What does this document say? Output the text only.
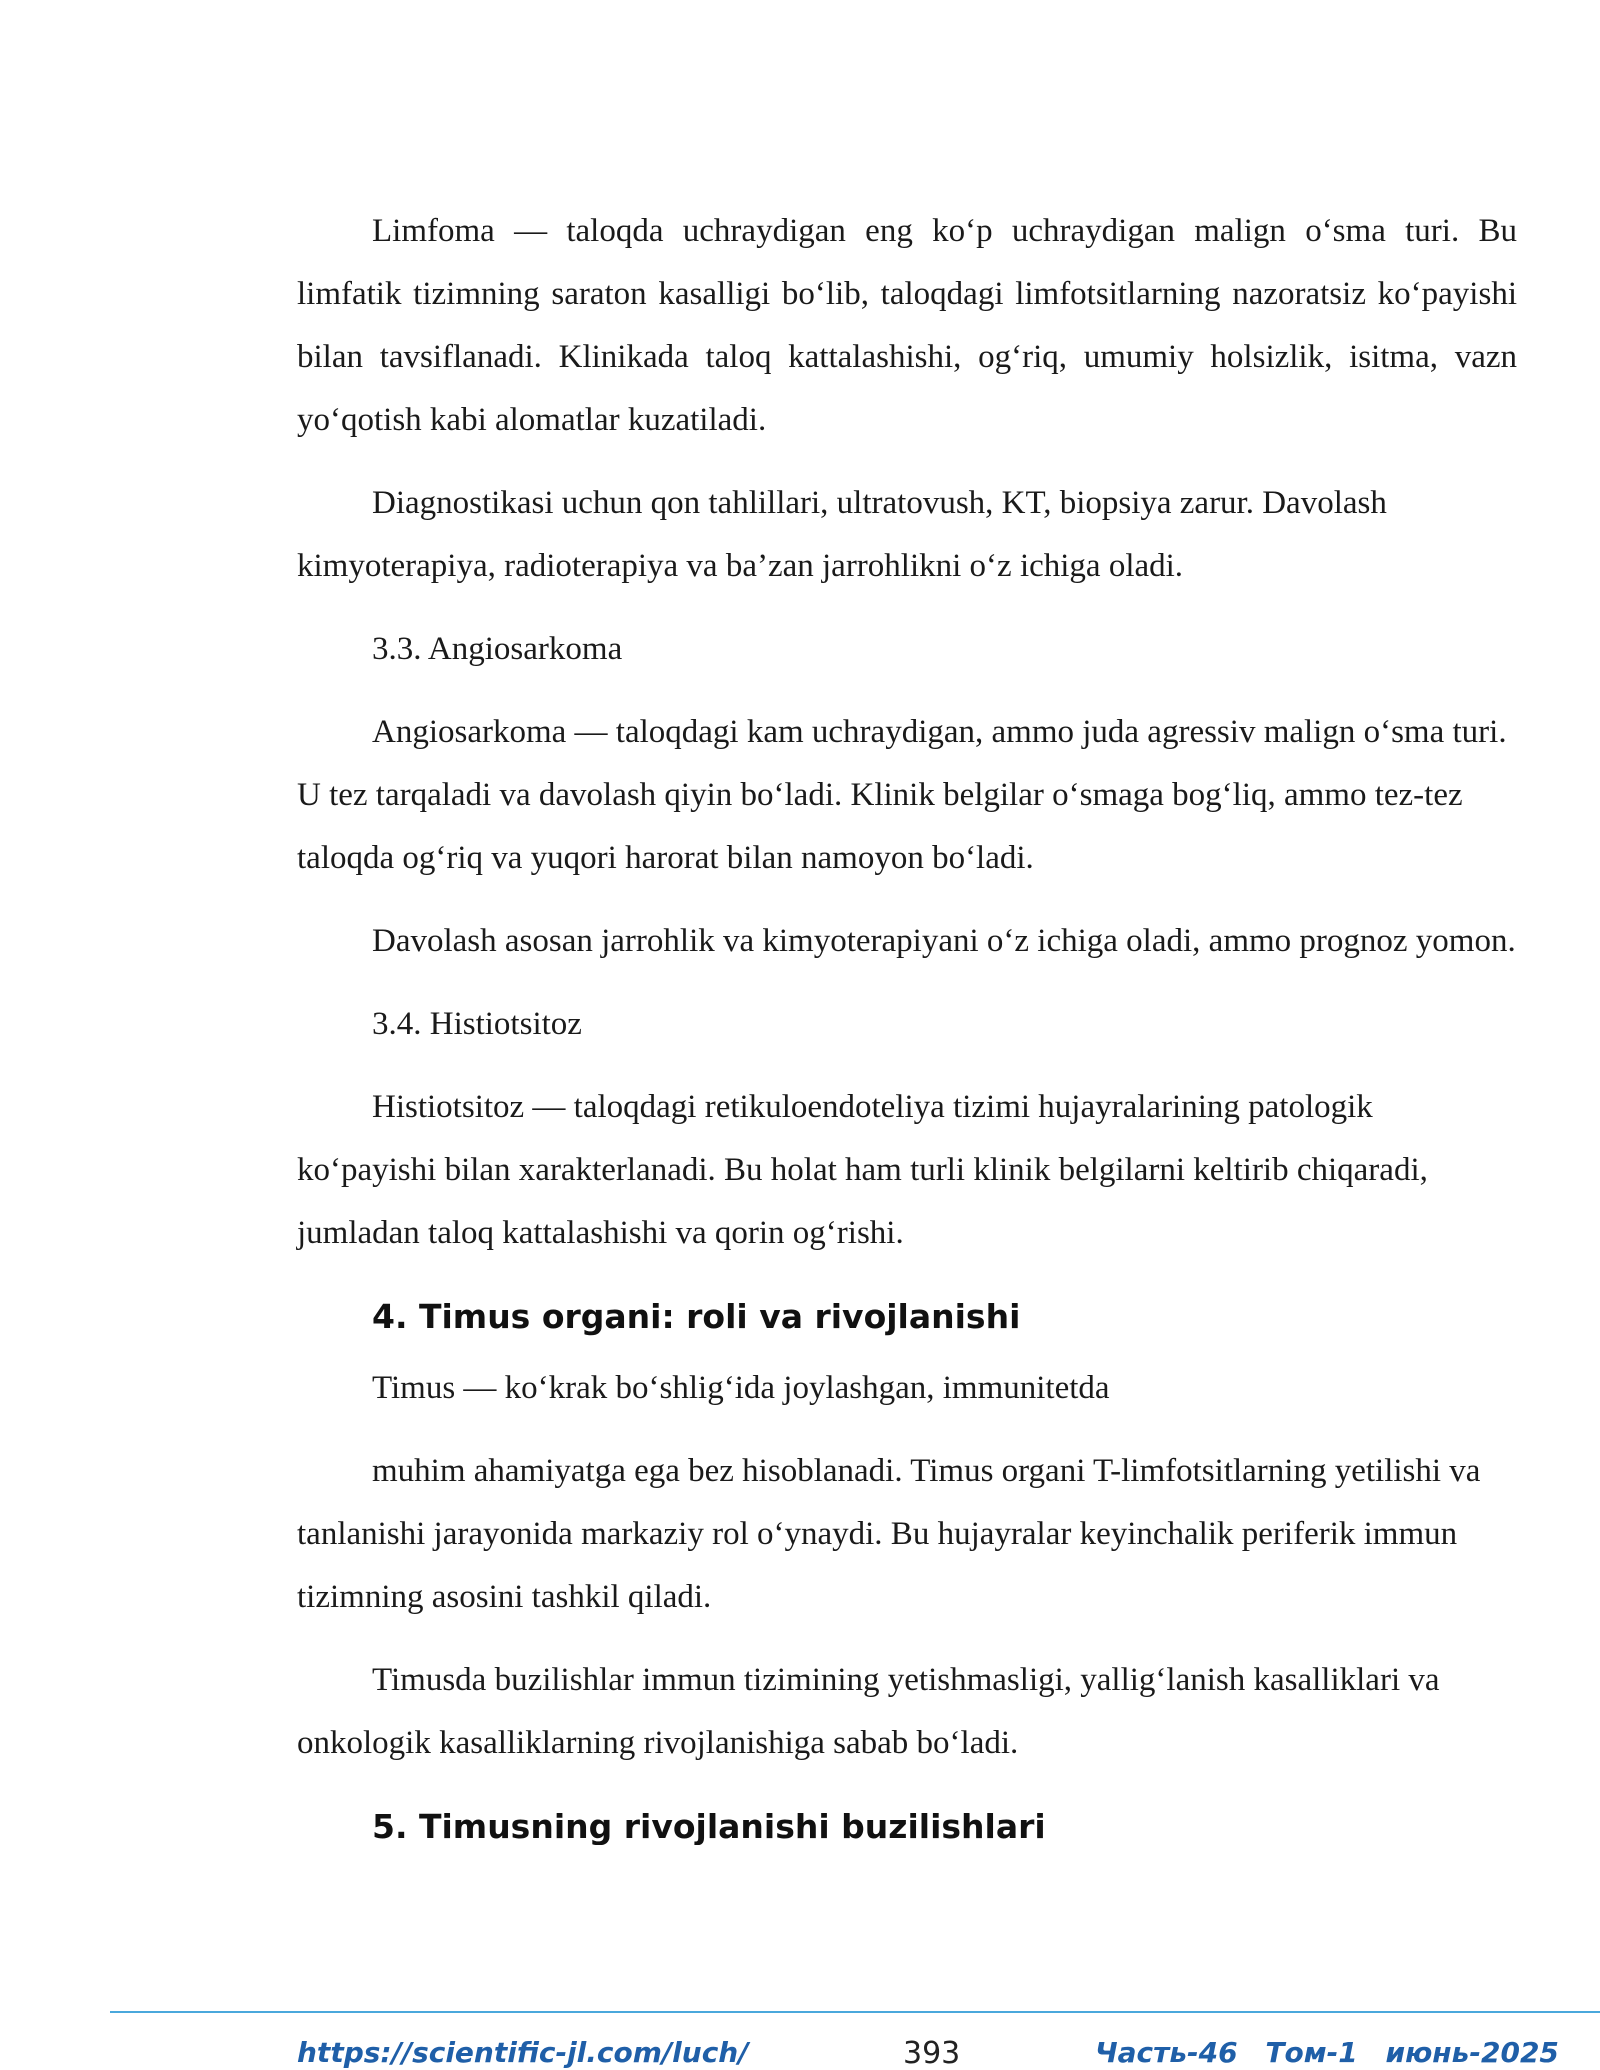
Limfoma — taloqda uchraydigan eng ko‘p uchraydigan malign o‘sma turi. Bu limfatik tizimning saraton kasalligi bo‘lib, taloqdagi limfotsitlarning nazoratsiz ko‘payishi bilan tavsiflanadi. Klinikada taloq kattalashishi, og‘riq, umumiy holsizlik, isitma, vazn yo‘qotish kabi alomatlar kuzatiladi.

Diagnostikasi uchun qon tahlillari, ultratovush, KT, biopsiya zarur. Davolash kimyoterapiya, radioterapiya va ba’zan jarrohlikni o‘z ichiga oladi.

3.3. Angiosarkoma

Angiosarkoma — taloqdagi kam uchraydigan, ammo juda agressiv malign o‘sma turi. U tez tarqaladi va davolash qiyin bo‘ladi. Klinik belgilar o‘smaga bog‘liq, ammo tez-tez taloqda og‘riq va yuqori harorat bilan namoyon bo‘ladi.

Davolash asosan jarrohlik va kimyoterapiyani o‘z ichiga oladi, ammo prognoz yomon.

3.4. Histiotsitoz

Histiotsitoz — taloqdagi retikuloendoteliya tizimi hujayralarining patologik ko‘payishi bilan xarakterlanadi. Bu holat ham turli klinik belgilarni keltirib chiqaradi, jumladan taloq kattalashishi va qorin og‘rishi.

4. Timus organi: roli va rivojlanishi

Timus — ko‘krak bo‘shlig‘ida joylashgan, immunitetda

muhim ahamiyatga ega bez hisoblanadi. Timus organi T-limfotsitlarning yetilishi va tanlanishi jarayonida markaziy rol o‘ynaydi. Bu hujayralar keyinchalik periferik immun tizimning asosini tashkil qiladi.

Timusda buzilishlar immun tizimining yetishmasligi, yallig‘lanish kasalliklari va onkologik kasalliklarning rivojlanishiga sabab bo‘ladi.

5. Timusning rivojlanishi buzilishlari
https://scientific-jl.com/luch/	393	Часть-46 Том-1 июнь-2025
